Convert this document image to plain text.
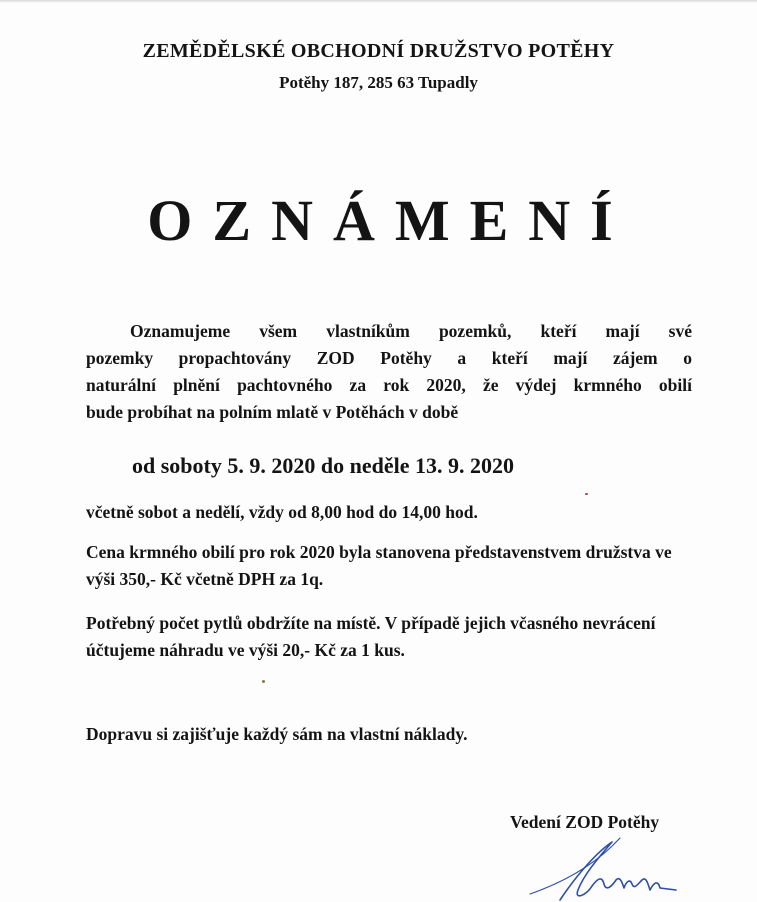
ZEMĚDĚLSKÉ OBCHODNÍ DRUŽSTVO POTĚHY
Potěhy 187, 285 63 Tupadly
OZNÁMENÍ

Oznamujeme všem vlastníkům pozemků, kteří mají své
pozemky propachtovány ZOD Potěhy a kteří mají zájem o
naturální plnění pachtovného za rok 2020, že výdej krmného obilí
bude probíhat na polním mlatě v Potěhách v době

od soboty 5. 9. 2020 do neděle 13. 9. 2020

včetně sobot a nedělí, vždy od 8,00 hod do 14,00 hod.

Cena krmného obilí pro rok 2020 byla stanovena představenstvem družstva ve výši 350,- Kč včetně DPH za 1q.

Potřebný počet pytlů obdržíte na místě. V případě jejich včasného nevrácení účtujeme náhradu ve výši 20,- Kč za 1 kus.

Dopravu si zajišťuje každý sám na vlastní náklady.

Vedení ZOD Potěhy
